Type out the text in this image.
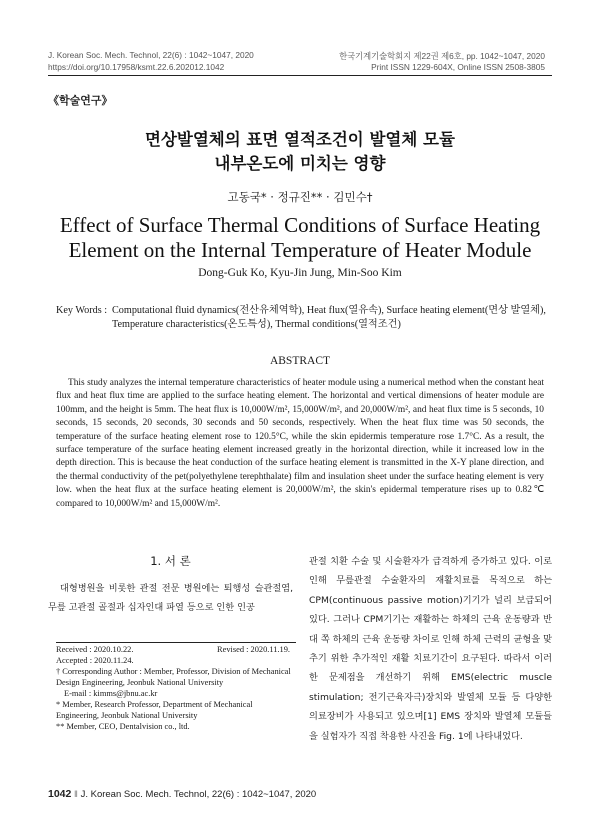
J. Korean Soc. Mech. Technol, 22(6) : 1042~1047, 2020
https://doi.org/10.17958/ksmt.22.6.202012.1042
한국기계기술학회지 제22권 제6호, pp. 1042~1047, 2020
Print ISSN 1229-604X, Online ISSN 2508-3805
《학술연구》
면상발열체의 표면 열적조건이 발열체 모듈
내부온도에 미치는 영향
고동국* · 정규진** · 김민수†
Effect of Surface Thermal Conditions of Surface Heating
Element on the Internal Temperature of Heater Module
Dong-Guk Ko, Kyu-Jin Jung, Min-Soo Kim
Key Words : Computational fluid dynamics(전산유체역학), Heat flux(열유속), Surface heating element(면상 발열체), Temperature characteristics(온도특성), Thermal conditions(열적조건)
ABSTRACT

This study analyzes the internal temperature characteristics of heater module using a numerical method when the constant heat flux and heat flux time are applied to the surface heating element. The horizontal and vertical dimensions of heater module are 100mm, and the height is 5mm. The heat flux is 10,000W/m², 15,000W/m², and 20,000W/m², and heat flux time is 5 seconds, 10 seconds, 15 seconds, 20 seconds, 30 seconds and 50 seconds, respectively. When the heat flux time was 50 seconds, the temperature of the surface heating element rose to 120.5°C, while the skin epidermis temperature rose 1.7°C. As a result, the surface temperature of the surface heating element increased greatly in the horizontal direction, while it increased low in the depth direction. This is because the heat conduction of the surface heating element is transmitted in the X-Y plane direction, and the thermal conductivity of the pet(polyethylene terephthalate) film and insulation sheet under the surface heating element is very low. when the heat flux at the surface heating element is 20,000W/m², the skin's epidermal temperature rises up to 0.82℃ compared to 10,000W/m² and 15,000W/m².

1. 서 론

대형병원을 비롯한 관절 전문 병원에는 퇴행성 슬관절염, 무릎 고관절 골절과 십자인대 파열 등으로 인한 인공

관절 치환 수술 및 시술환자가 급격하게 증가하고 있다. 이로 인해 무릎관절 수술환자의 재활치료를 목적으로 하는 CPM(continuous passive motion)기기가 널리 보급되어 있다. 그러나 CPM기기는 재활하는 하체의 근육 운동량과 반대 쪽 하체의 근육 운동량 차이로 인해 하체 근력의 균형을 맞추기 위한 추가적인 재활 치료기간이 요구된다. 따라서 이러한 문제점을 개선하기 위해 EMS(electric muscle stimulation; 전기근육자극)장치와 발열체 모듈 등 다양한 의료장비가 사용되고 있으며[1] EMS 장치와 발열체 모듈들을 실험자가 직접 착용한 사진을 Fig. 1에 나타내었다.

Received : 2020.10.22.	Revised : 2020.11.19.
Accepted : 2020.11.24.
† Corresponding Author : Member, Professor, Division of Mechanical Design Engineering, Jeonbuk National University
E-mail : kimms@jbnu.ac.kr
* Member, Research Professor, Department of Mechanical Engineering, Jeonbuk National University
** Member, CEO, Dentalvision co., ltd.
1042 ‖ J. Korean Soc. Mech. Technol, 22(6) : 1042~1047, 2020
